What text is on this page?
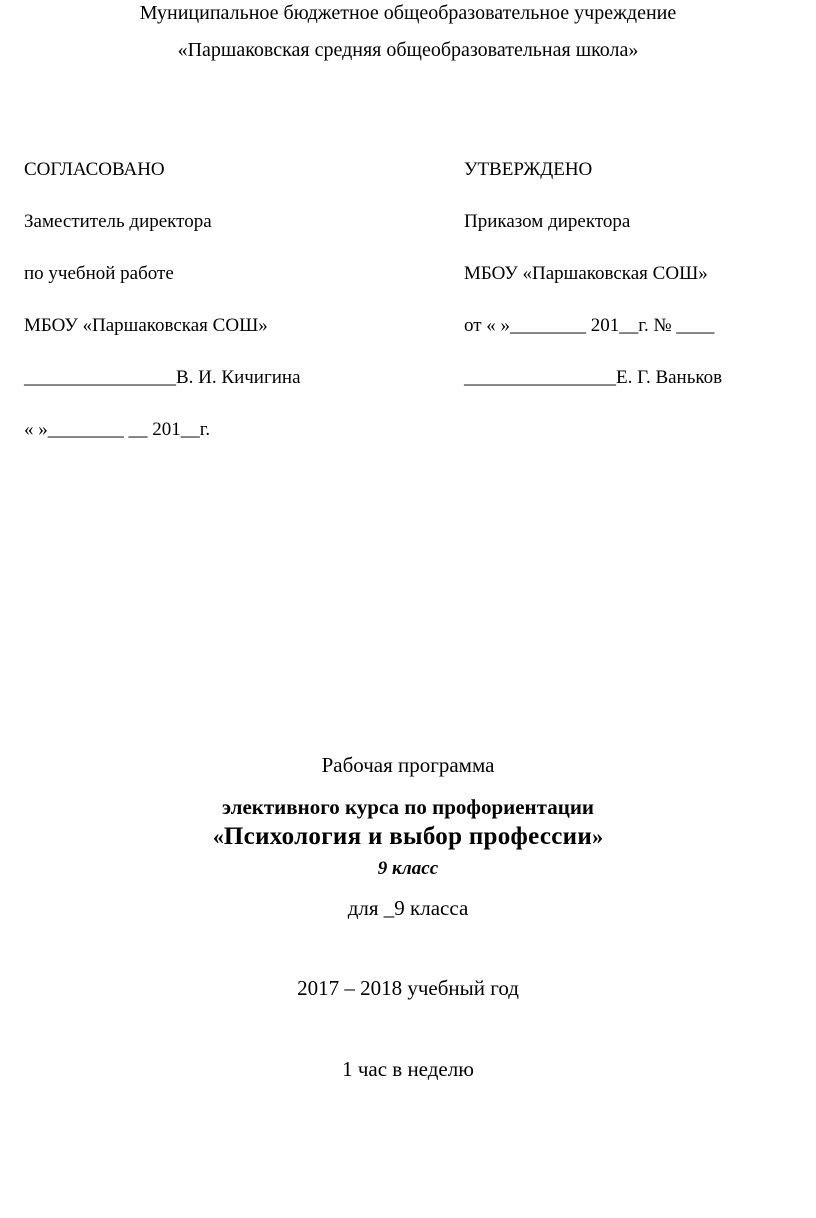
Муниципальное бюджетное общеобразовательное учреждение
«Паршаковская средняя общеобразовательная школа»
СОГЛАСОВАНО
Заместитель директора
по учебной работе
МБОУ «Паршаковская СОШ»
________________В. И. Кичигина
« »________ __ 201__г.
УТВЕРЖДЕНО
Приказом директора
МБОУ «Паршаковская СОШ»
от « »________ 201__г. № ____
________________Е. Г. Ваньков
Рабочая программа
элективного курса по профориентации
«Психология и выбор профессии»
9 класс
для _9 класса
2017 – 2018 учебный год
1 час в неделю
